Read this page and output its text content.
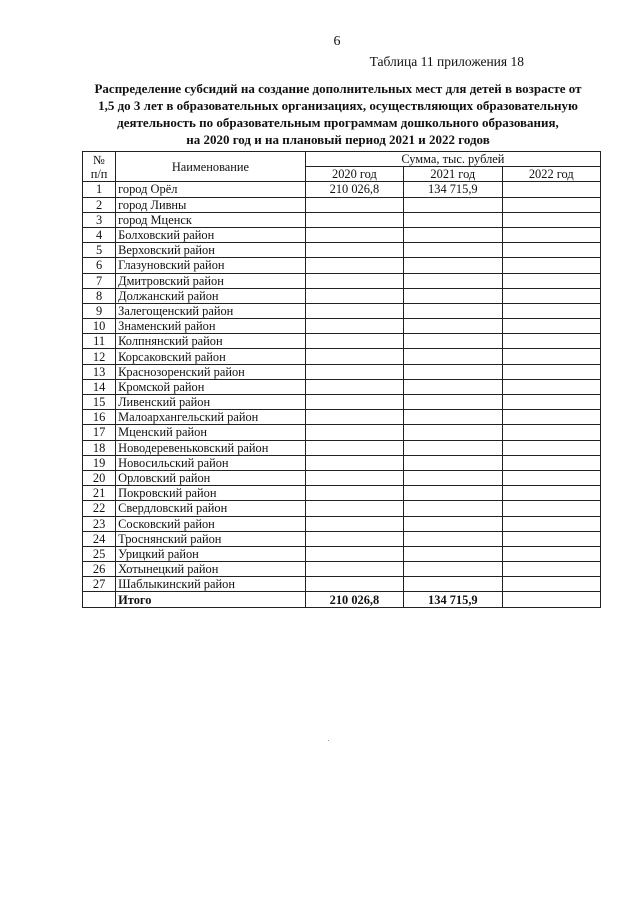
6
Таблица 11 приложения 18
Распределение субсидий на создание дополнительных мест для детей в возрасте от
1,5 до 3 лет в образовательных организациях, осуществляющих образовательную
деятельность по образовательным программам дошкольного образования,
на 2020 год и на плановый период 2021 и 2022 годов
№
п/п	Наименование	Сумма, тыс. рублей		
		2020 год	2021 год	2022 год
1	город Орёл	210 026,8	134 715,9	
2	город Ливны			
3	город Мценск			
4	Болховский район			
5	Верховский район			
6	Глазуновский район			
7	Дмитровский район			
8	Должанский район			
9	Залегощенский район			
10	Знаменский район			
11	Колпнянский район			
12	Корсаковский район			
13	Краснозоренский район			
14	Кромской район			
15	Ливенский район			
16	Малоархангельский район			
17	Мценский район			
18	Новодеревеньковский район			
19	Новосильский район			
20	Орловский район			
21	Покровский район			
22	Свердловский район			
23	Сосковский район			
24	Троснянский район			
25	Урицкий район			
26	Хотынецкий район			
27	Шаблыкинский район			
	Итого	210 026,8	134 715,9	
